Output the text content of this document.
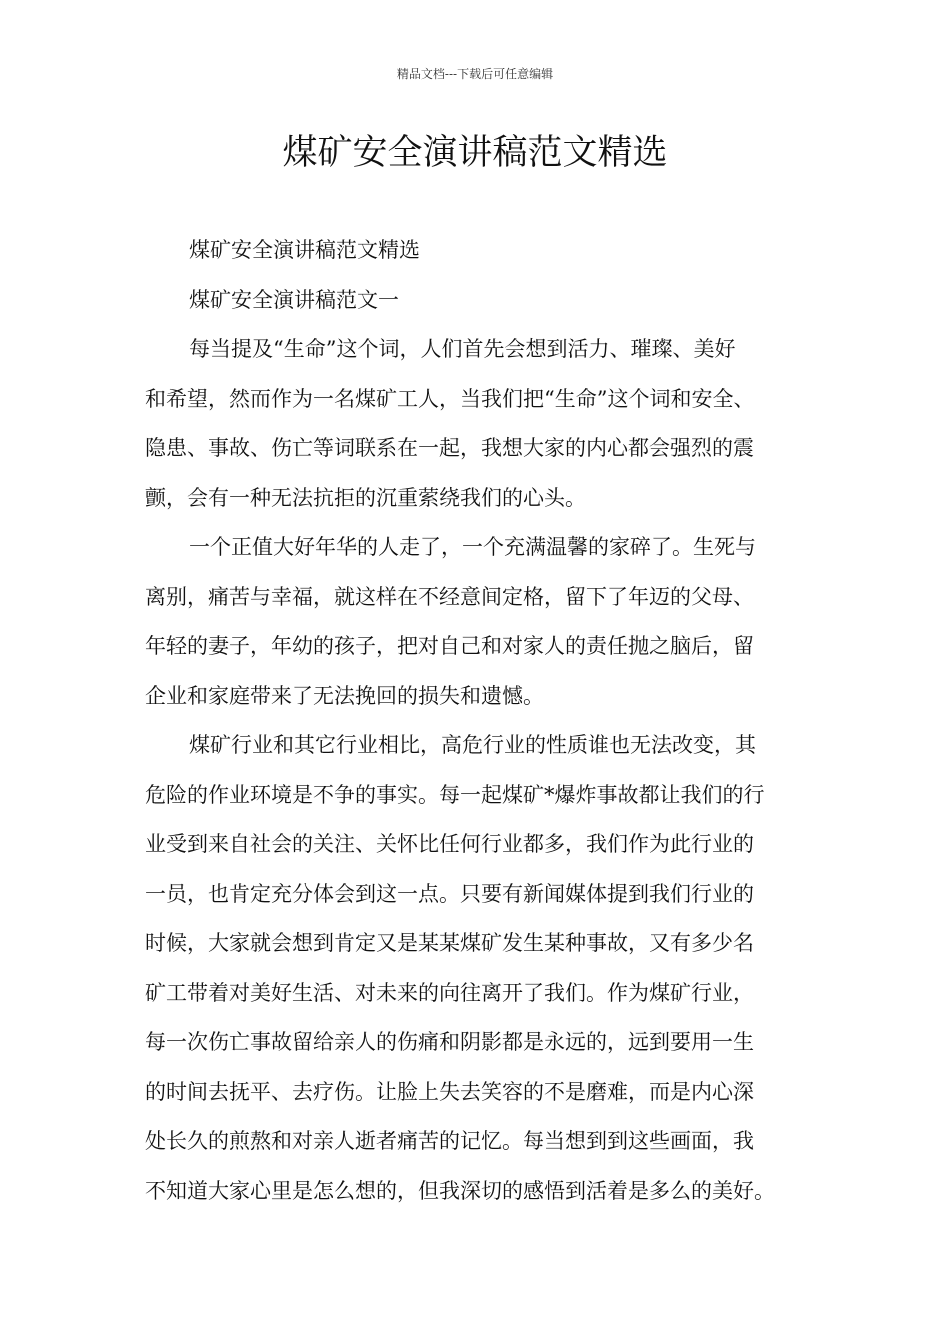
精品文档---下载后可任意编辑
煤矿安全演讲稿范文精选
煤矿安全演讲稿范文精选
煤矿安全演讲稿范文一
每当提及“生命”这个词，人们首先会想到活力、璀璨、美好
和希望，然而作为一名煤矿工人，当我们把“生命”这个词和安全、
隐患、事故、伤亡等词联系在一起，我想大家的内心都会强烈的震
颤，会有一种无法抗拒的沉重萦绕我们的心头。
一个正值大好年华的人走了，一个充满温馨的家碎了。生死与
离别，痛苦与幸福，就这样在不经意间定格，留下了年迈的父母、
年轻的妻子，年幼的孩子，把对自己和对家人的责任抛之脑后，留
企业和家庭带来了无法挽回的损失和遗憾。
煤矿行业和其它行业相比，高危行业的性质谁也无法改变，其
危险的作业环境是不争的事实。每一起煤矿*爆炸事故都让我们的行
业受到来自社会的关注、关怀比任何行业都多，我们作为此行业的
一员，也肯定充分体会到这一点。只要有新闻媒体提到我们行业的
时候，大家就会想到肯定又是某某煤矿发生某种事故，又有多少名
矿工带着对美好生活、对未来的向往离开了我们。作为煤矿行业，
每一次伤亡事故留给亲人的伤痛和阴影都是永远的，远到要用一生
的时间去抚平、去疗伤。让脸上失去笑容的不是磨难，而是内心深
处长久的煎熬和对亲人逝者痛苦的记忆。每当想到到这些画面，我
不知道大家心里是怎么想的，但我深切的感悟到活着是多么的美好。
